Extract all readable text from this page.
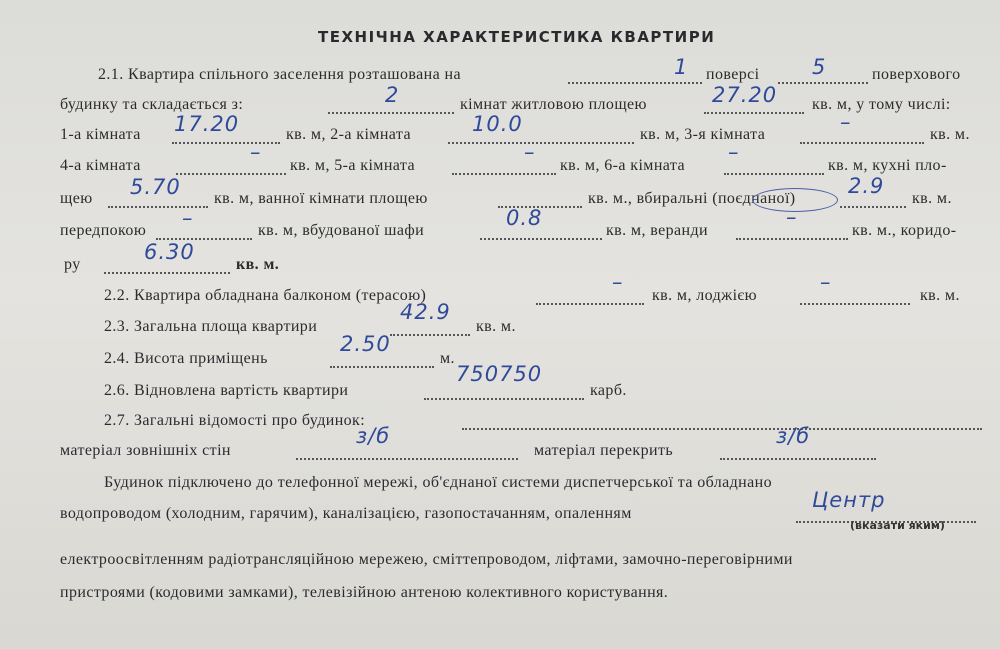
ТЕХНІЧНА ХАРАКТЕРИСТИКА КВАРТИРИ
2.1. Квартира спільного заселення розташована на	1 поверсі	5	поверхового
будинку та складається з:	2	кімнат житловою площею	27.20 кв. м, у тому числі:
1-а кімната 17.20	кв. м, 2-а кімната	10.0	кв. м, 3-я кімната
–
кв. м.
4-а кімната
–
кв. м, 5-а кімната
–
кв. м, 6-а кімната
–
кв. м, кухні пло-
щею 5.70 кв. м, ванної кімнати площею	кв. м., вбиральні (поєднаної)
2.9
кв. м.
передпокою
–
кв. м, вбудованої шафи
0.8
кв. м, веранди
–
кв. м., коридо-
ру
6.30
кв. м.
2.2. Квартира обладнана балконом (терасою)
–
кв. м, лоджією
–
кв. м.
2.3. Загальна площа квартири
42.9
кв. м.
2.4. Висота приміщень
2.50
м.
2.6. Відновлена вартість квартири
750750
карб.
2.7. Загальні відомості про будинок:
матеріал зовнішніх стін
з/б
матеріал перекрить
з/б
Будинок підключено до телефонної мережі, об'єднаної системи диспетчерської та обладнано
водопроводом (холодним, гарячим), каналізацією, газопостачанням, опаленням
Центр
(вказати яким)
електроосвітленням радіотрансляційною мережею, сміттепроводом, ліфтами, замочно-переговірними
пристроями (кодовими замками), телевізійною антеною колективного користування.
